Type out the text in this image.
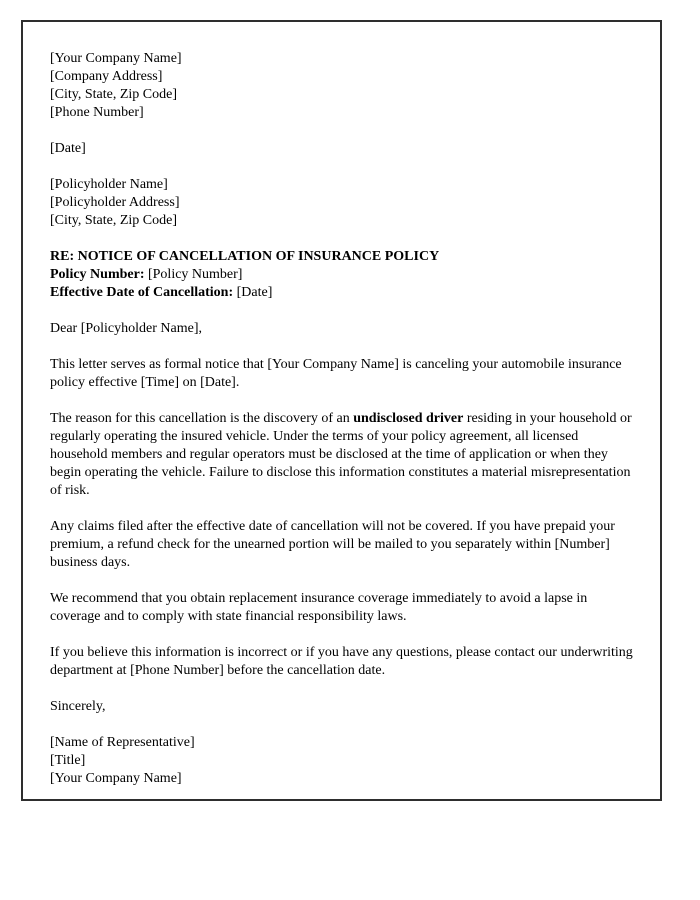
[Your Company Name]
[Company Address]
[City, State, Zip Code]
[Phone Number]
[Date]
[Policyholder Name]
[Policyholder Address]
[City, State, Zip Code]
RE: NOTICE OF CANCELLATION OF INSURANCE POLICY
Policy Number: [Policy Number]
Effective Date of Cancellation: [Date]

Dear [Policyholder Name],

This letter serves as formal notice that [Your Company Name] is canceling your automobile insurance policy effective [Time] on [Date].

The reason for this cancellation is the discovery of an undisclosed driver residing in your household or regularly operating the insured vehicle. Under the terms of your policy agreement, all licensed household members and regular operators must be disclosed at the time of application or when they begin operating the vehicle. Failure to disclose this information constitutes a material misrepresentation of risk.

Any claims filed after the effective date of cancellation will not be covered. If you have prepaid your premium, a refund check for the unearned portion will be mailed to you separately within [Number] business days.

We recommend that you obtain replacement insurance coverage immediately to avoid a lapse in coverage and to comply with state financial responsibility laws.

If you believe this information is incorrect or if you have any questions, please contact our underwriting department at [Phone Number] before the cancellation date.

Sincerely,

[Name of Representative]
[Title]
[Your Company Name]
